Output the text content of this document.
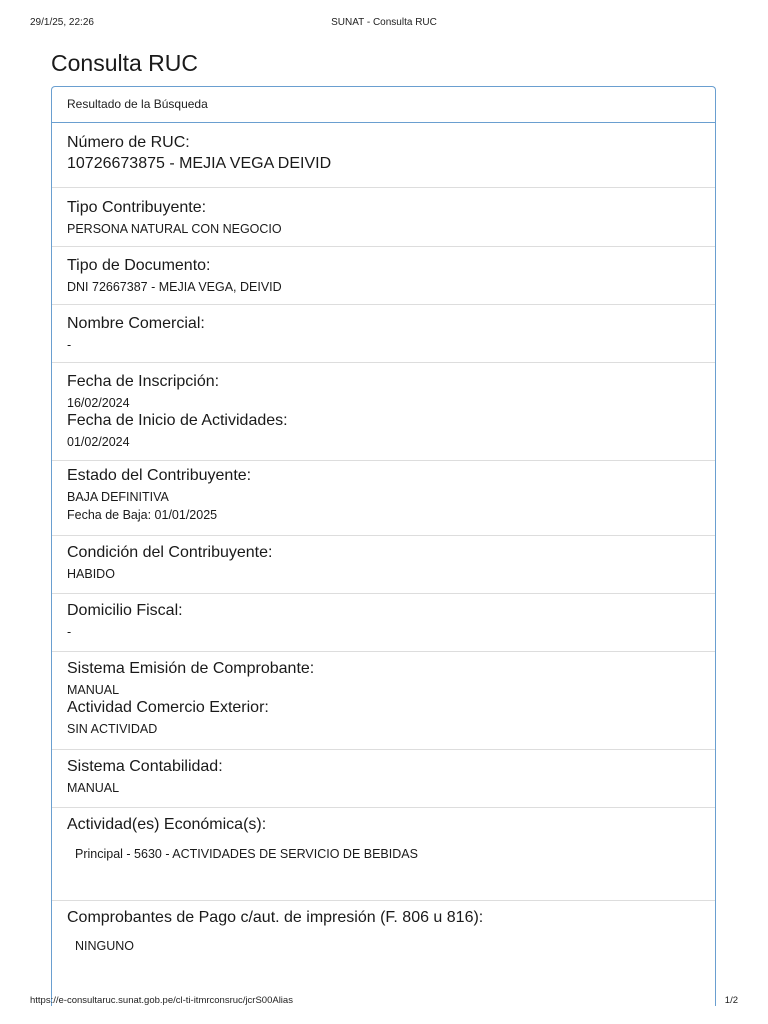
29/1/25, 22:26	SUNAT - Consulta RUC
Consulta RUC
Resultado de la Búsqueda
Número de RUC:
10726673875 - MEJIA VEGA DEIVID
Tipo Contribuyente:
PERSONA NATURAL CON NEGOCIO
Tipo de Documento:
DNI 72667387 - MEJIA VEGA, DEIVID
Nombre Comercial:
-
Fecha de Inscripción:
16/02/2024
Fecha de Inicio de Actividades:
01/02/2024
Estado del Contribuyente:
BAJA DEFINITIVA
Fecha de Baja: 01/01/2025
Condición del Contribuyente:
HABIDO
Domicilio Fiscal:
-
Sistema Emisión de Comprobante:
MANUAL
Actividad Comercio Exterior:
SIN ACTIVIDAD
Sistema Contabilidad:
MANUAL
Actividad(es) Económica(s):
Principal - 5630 - ACTIVIDADES DE SERVICIO DE BEBIDAS
Comprobantes de Pago c/aut. de impresión (F. 806 u 816):
NINGUNO
https://e-consultaruc.sunat.gob.pe/cl-ti-itmrconsruc/jcrS00Alias	1/2
